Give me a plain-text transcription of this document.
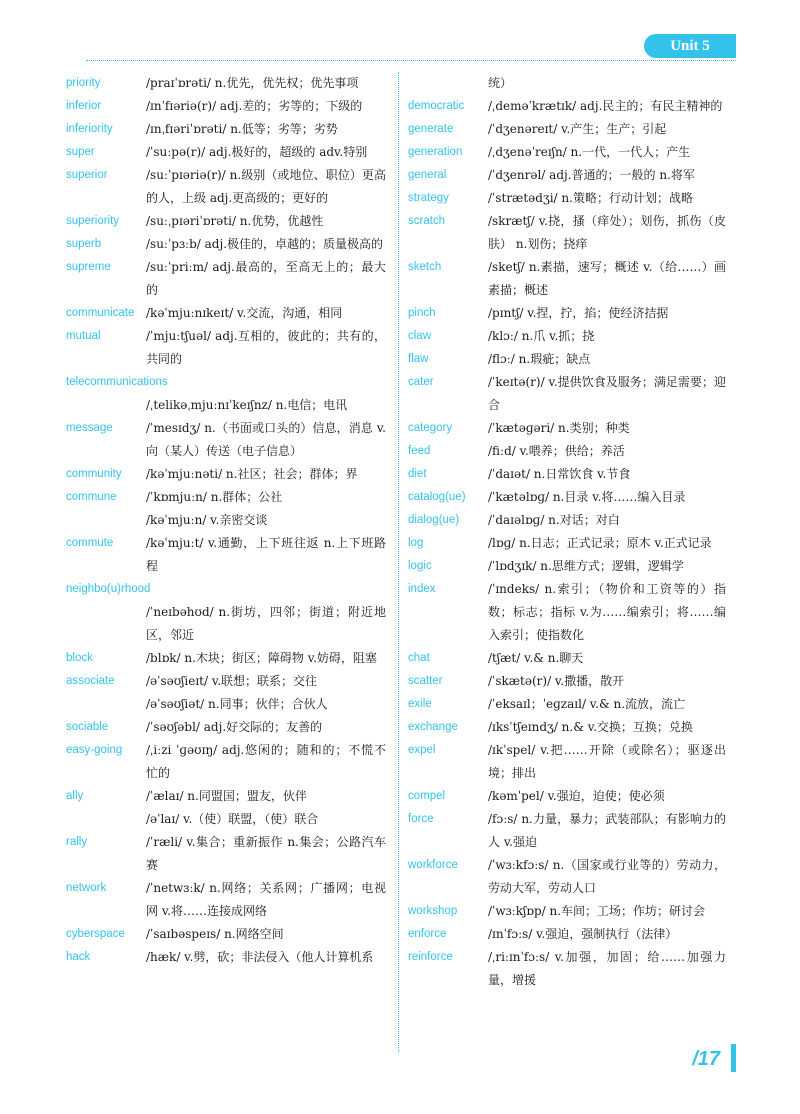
Unit 5
priority	/praɪˈɒrəti/ n.优先，优先权；优先事项
inferior	/ɪnˈfɪəriə(r)/ adj.差的；劣等的；下级的
inferiority	/ɪnˌfɪəriˈɒrəti/ n.低等；劣等；劣势
super	/ˈsuːpə(r)/ adj.极好的，超级的 adv.特别
superior	/suːˈpɪəriə(r)/ n.级别（或地位、职位）更高的人，上级 adj.更高级的；更好的
superiority	/suːˌpɪəriˈɒrəti/ n.优势，优越性
superb	/suːˈpɜːb/ adj.极佳的，卓越的；质量极高的
supreme	/suːˈpriːm/ adj.最高的，至高无上的；最大的
communicate /kəˈmjuːnɪkeɪt/ v.交流，沟通，相同
mutual	/ˈmjuːtʃuəl/ adj.互相的，彼此的；共有的，共同的
telecommunications
/ˌtelikəˌmjuːnɪˈkeɪʃnz/ n.电信；电讯
message	/ˈmesɪdʒ/ n.（书面或口头的）信息，消息 v.向（某人）传送（电子信息）
community	/kəˈmjuːnəti/ n.社区；社会；群体；界
commune	/ˈkɒmjuːn/ n.群体；公社
/kəˈmjuːn/ v.亲密交谈
commute	/kəˈmjuːt/ v.通勤，上下班往返 n.上下班路程
neighbo(u)rhood
/ˈneɪbəhʊd/ n.街坊，四邻；街道；附近地区，邻近
block	/blɒk/ n.木块；街区；障碍物 v.妨碍，阻塞
associate	/əˈsəʊʃieɪt/ v.联想；联系；交往
/əˈsəʊʃiət/ n.同事；伙伴；合伙人
sociable	/ˈsəʊʃəbl/ adj.好交际的；友善的
easy-going	/ˌiːzi ˈɡəʊɪŋ/ adj.悠闲的；随和的；不慌不忙的
ally	/ˈælaɪ/ n.同盟国；盟友，伙伴
/əˈlaɪ/ v.（使）联盟，（使）联合
rally	/ˈræli/ v.集合；重新振作 n.集会；公路汽车赛
network	/ˈnetwɜːk/ n.网络；关系网；广播网；电视网 v.将……连接成网络
cyberspace	/ˈsaɪbəspeɪs/ n.网络空间
hack	/hæk/ v.劈，砍；非法侵入（他人计算机系
统）
democratic	/ˌdeməˈkrætɪk/ adj.民主的；有民主精神的
generate	/ˈdʒenəreɪt/ v.产生；生产；引起
generation	/ˌdʒenəˈreɪʃn/ n.一代，一代人；产生
general	/ˈdʒenrəl/ adj.普通的；一般的 n.将军
strategy	/ˈstrætədʒi/ n.策略；行动计划；战略
scratch	/skrætʃ/ v.挠，搔（痒处）；划伤，抓伤（皮肤） n.划伤；挠痒
sketch	/sketʃ/ n.素描，速写；概述 v.（给……）画素描；概述
pinch	/pɪntʃ/ v.捏，拧，掐；使经济拮据
claw	/klɔː/ n.爪 v.抓；挠
flaw	/flɔː/ n.瑕疵；缺点
cater	/ˈkeɪtə(r)/ v.提供饮食及服务；满足需要；迎合
category	/ˈkætəɡəri/ n.类别；种类
feed	/fiːd/ v.喂养；供给；养活
diet	/ˈdaɪət/ n.日常饮食 v.节食
catalog(ue)	/ˈkætəlɒɡ/ n.目录 v.将……编入目录
dialog(ue)	/ˈdaɪəlɒɡ/ n.对话；对白
log	/lɒɡ/ n.日志；正式记录；原木 v.正式记录
logic	/ˈlɒdʒɪk/ n.思维方式；逻辑，逻辑学
index	/ˈɪndeks/ n.索引；（物价和工资等的）指数；标志；指标 v.为……编索引；将……编入索引；使指数化
chat	/tʃæt/ v.& n.聊天
scatter	/ˈskætə(r)/ v.撒播，散开
exile	/ˈeksaɪl；ˈeɡzaɪl/ v.& n.流放，流亡
exchange	/ɪksˈtʃeɪndʒ/ n.& v.交换；互换；兑换
expel	/ɪkˈspel/ v.把……开除（或除名）；驱逐出境；排出
compel	/kəmˈpel/ v.强迫，迫使；使必须
force	/fɔːs/ n.力量，暴力；武装部队；有影响力的人 v.强迫
workforce	/ˈwɜːkfɔːs/ n.（国家或行业等的）劳动力，劳动大军，劳动人口
workshop	/ˈwɜːkʃɒp/ n.车间；工场；作坊；研讨会
enforce	/ɪnˈfɔːs/ v.强迫，强制执行（法律）
reinforce	/ˌriːɪnˈfɔːs/ v.加强，加固；给……加强力量，增援
/17
